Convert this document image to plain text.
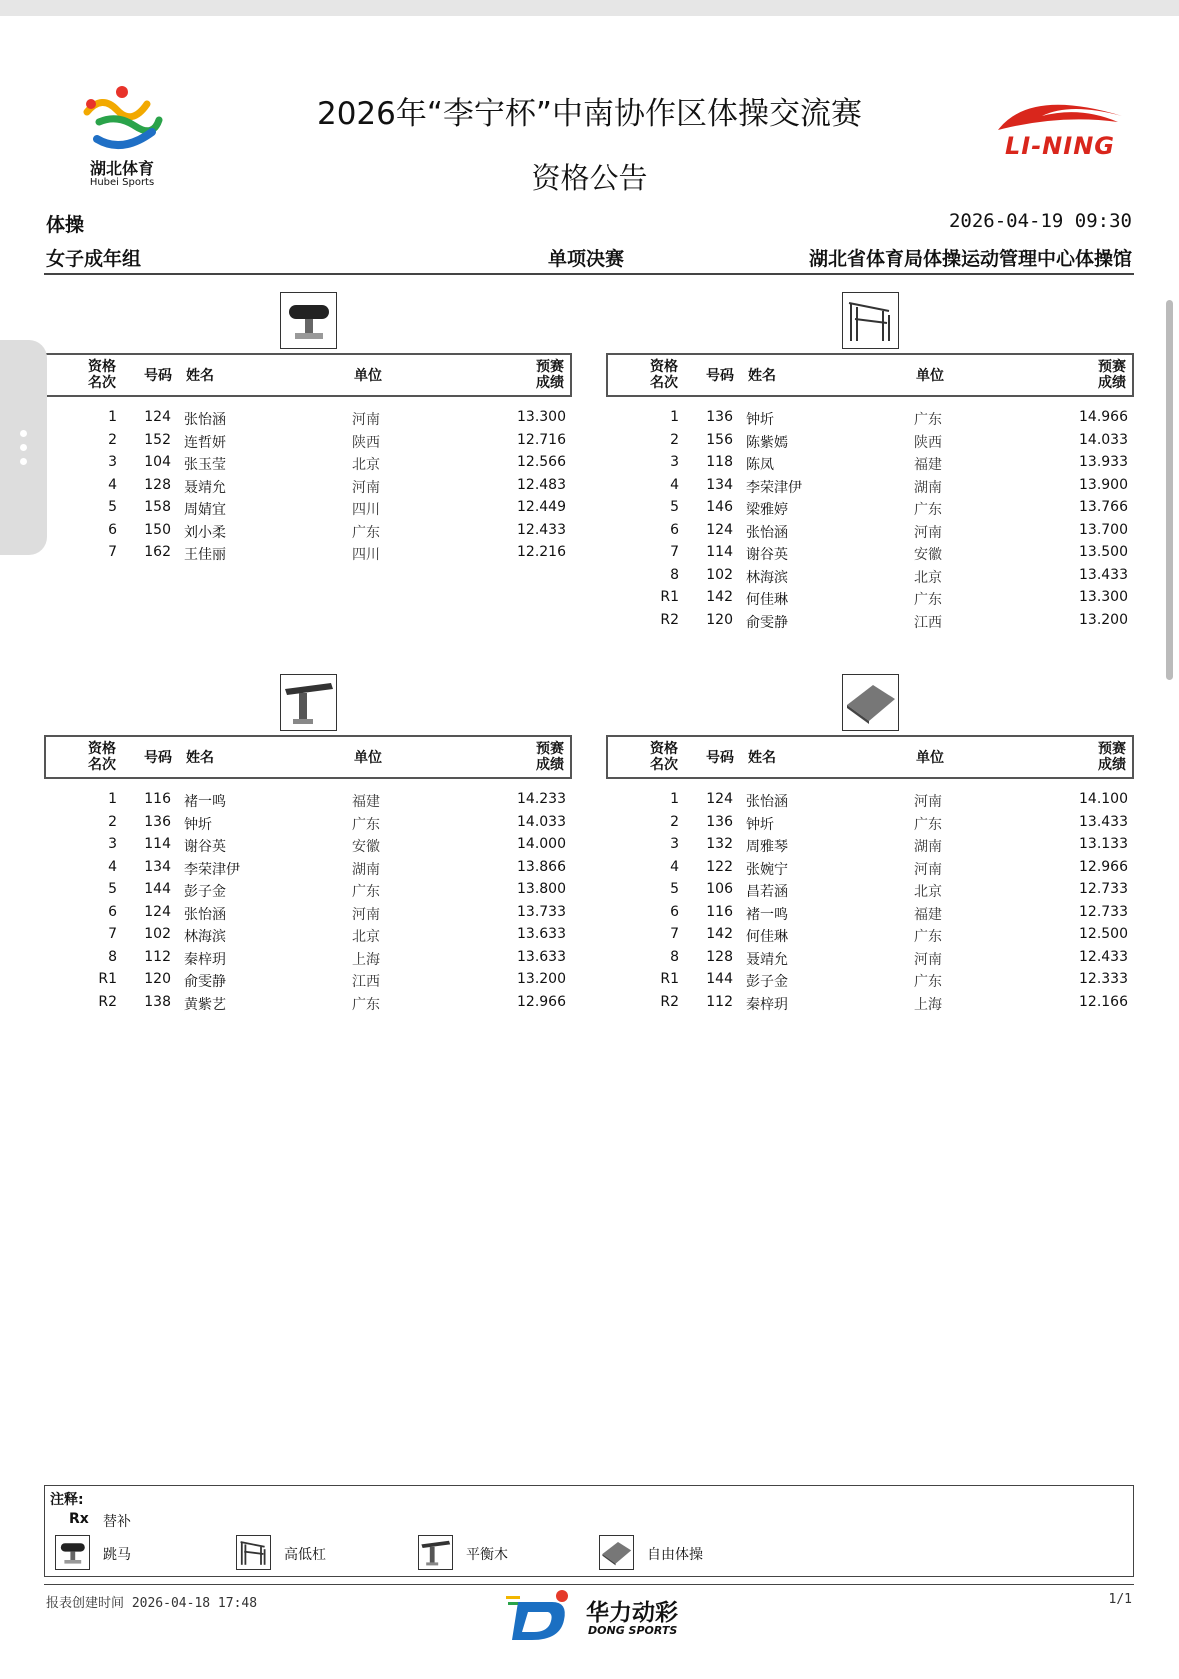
湖北体育
Hubei Sports
LI-NING
2026年“李宁杯”中南协作区体操交流赛
资格公告
体操	2026-04-19 09:30
女子成年组	单项决赛	湖北省体育局体操运动管理中心体操馆
资格
名次 号码 姓名	单位
预赛
成绩
1	124 张怡涵	河南	13.300
2	152 连哲妍	陕西	12.716
3	104 张玉莹	北京	12.566
4	128 聂靖允	河南	12.483
5	158 周婧宜	四川	12.449
6	150 刘小柔	广东	12.433
7	162 王佳丽	四川	12.216
资格
名次 号码 姓名	单位
预赛
成绩
1	136 钟圻	广东	14.966
2	156 陈紫嫣	陕西	14.033
3	118 陈凤	福建	13.933
4	134 李荣津伊	湖南	13.900
5	146 梁雅婷	广东	13.766
6	124 张怡涵	河南	13.700
7	114 谢谷英	安徽	13.500
8	102 林海滨	北京	13.433
R1	142 何佳琳	广东	13.300
R2	120 俞雯静	江西	13.200
资格
名次 号码 姓名	单位
预赛
成绩
1	116 褚一鸣	福建	14.233
2	136 钟圻	广东	14.033
3	114 谢谷英	安徽	14.000
4	134 李荣津伊	湖南	13.866
5	144 彭子金	广东	13.800
6	124 张怡涵	河南	13.733
7	102 林海滨	北京	13.633
8	112 秦梓玥	上海	13.633
R1	120 俞雯静	江西	13.200
R2	138 黄紫艺	广东	12.966
资格
名次 号码 姓名	单位
预赛
成绩
1	124 张怡涵	河南	14.100
2	136 钟圻	广东	13.433
3	132 周雅琴	湖南	13.133
4	122 张婉宁	河南	12.966
5	106 昌若涵	北京	12.733
6	116 褚一鸣	福建	12.733
7	142 何佳琳	广东	12.500
8	128 聂靖允	河南	12.433
R1	144 彭子金	广东	12.333
R2	112 秦梓玥	上海	12.166
注释:
Rx 替补
跳马	高低杠	平衡木	自由体操
报表创建时间 2026-04-18 17:48	1/1
华力动彩
DONG SPORTS
